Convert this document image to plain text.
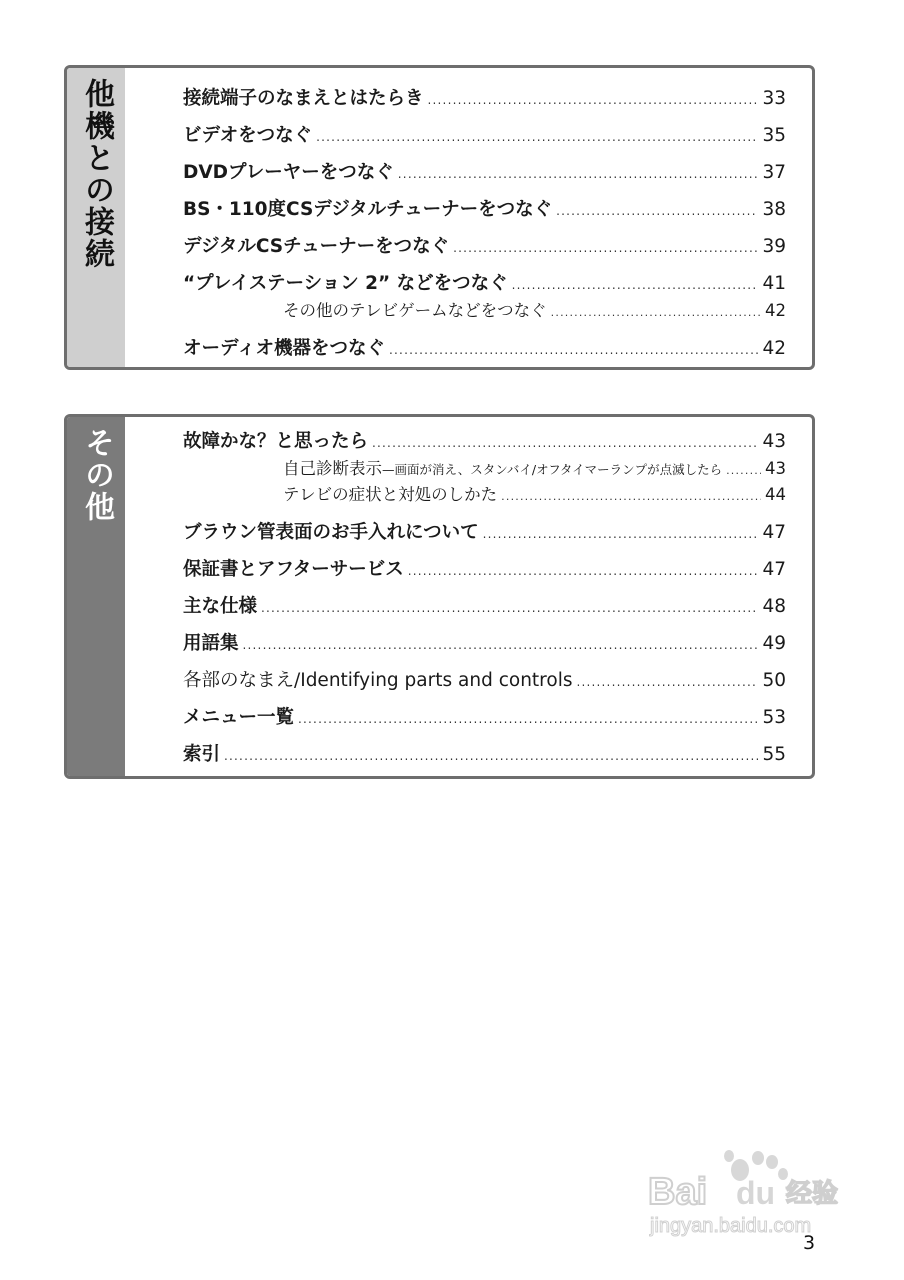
他機との接続	接続端子のなまえとはたらき .....	33
ビデオをつなぐ .....	35
DVDプレーヤーをつなぐ .....	37
BS・110度CSデジタルチューナーをつなぐ .....	38
デジタルCSチューナーをつなぐ .....	39
“プレイステーション 2” などをつなぐ .....	41
その他のテレビゲームなどをつなぐ .....	42
オーディオ機器をつなぐ .....	42
その他	故障かな？と思ったら .....	43
自己診断表示—画面が消え、スタンバイ/オフタイマーランプが点滅したら .....	43
テレビの症状と対処のしかた .....	44
ブラウン管表面のお手入れについて .....	47
保証書とアフターサービス .....	47
主な仕様 .....	48
用語集 .....	49
各部のなまえ/Identifying parts and controls .....	50
メニュー一覧 .....	53
索引 .....	55
Bai du 经验
jingyan.baidu.com
3
